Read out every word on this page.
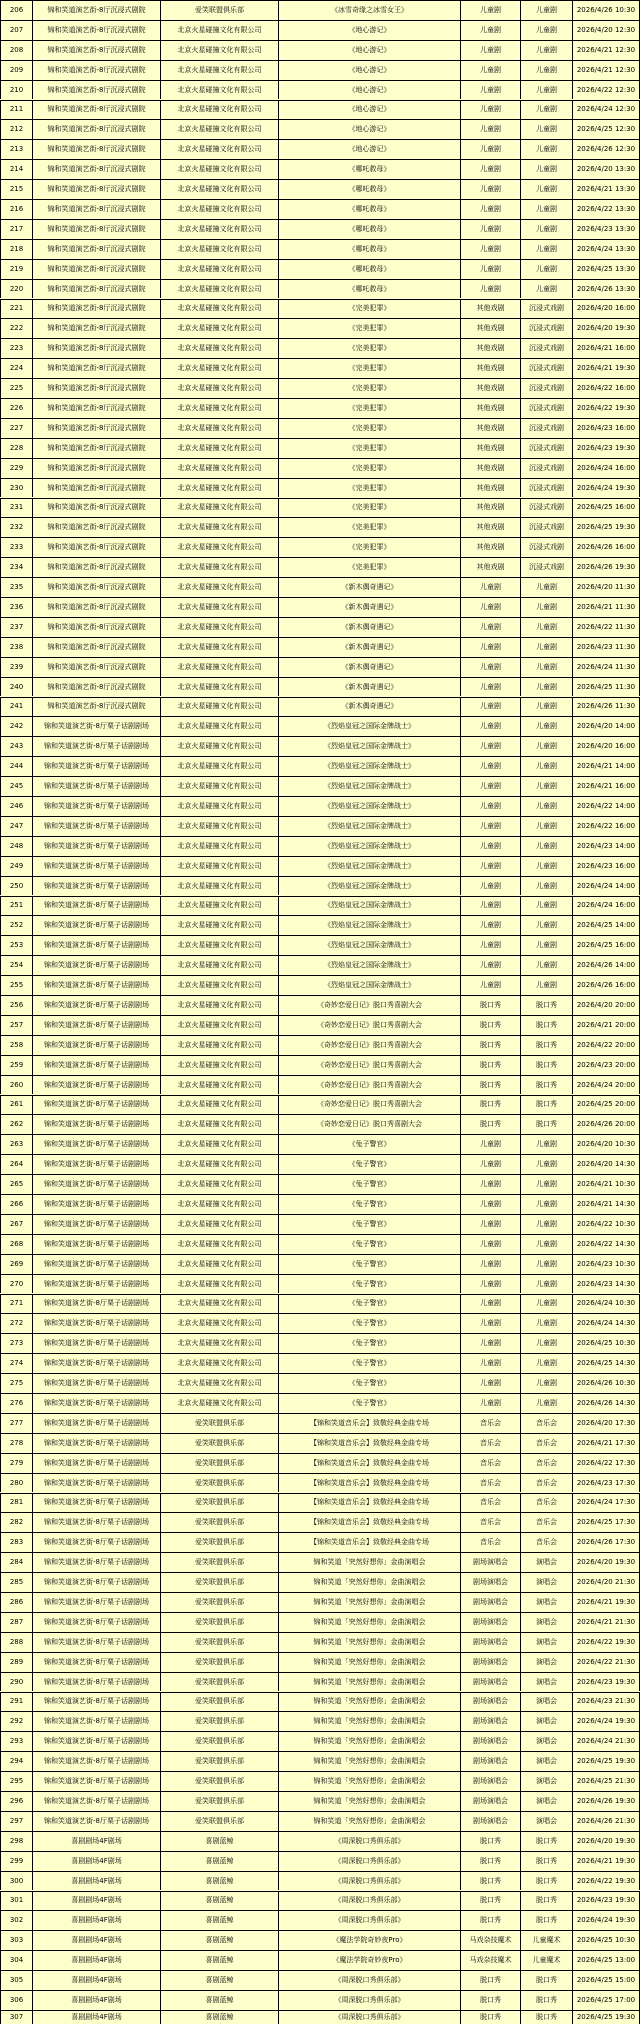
206	锦和笑道演艺街-8厅沉浸式剧院	爱笑联盟俱乐部	《冰雪奇缘之冰雪女王》	儿童剧	儿童剧	2026/4/26 10:30
207	锦和笑道演艺街-8厅沉浸式剧院	北京火星碰撞文化有限公司	《地心游记》	儿童剧	儿童剧	2026/4/20 12:30
208	锦和笑道演艺街-8厅沉浸式剧院	北京火星碰撞文化有限公司	《地心游记》	儿童剧	儿童剧	2026/4/21 12:30
209	锦和笑道演艺街-8厅沉浸式剧院	北京火星碰撞文化有限公司	《地心游记》	儿童剧	儿童剧	2026/4/21 12:30
210	锦和笑道演艺街-8厅沉浸式剧院	北京火星碰撞文化有限公司	《地心游记》	儿童剧	儿童剧	2026/4/22 12:30
211	锦和笑道演艺街-8厅沉浸式剧院	北京火星碰撞文化有限公司	《地心游记》	儿童剧	儿童剧	2026/4/24 12:30
212	锦和笑道演艺街-8厅沉浸式剧院	北京火星碰撞文化有限公司	《地心游记》	儿童剧	儿童剧	2026/4/25 12:30
213	锦和笑道演艺街-8厅沉浸式剧院	北京火星碰撞文化有限公司	《地心游记》	儿童剧	儿童剧	2026/4/26 12:30
214	锦和笑道演艺街-8厅沉浸式剧院	北京火星碰撞文化有限公司	《哪吒救母》	儿童剧	儿童剧	2026/4/20 13:30
215	锦和笑道演艺街-8厅沉浸式剧院	北京火星碰撞文化有限公司	《哪吒救母》	儿童剧	儿童剧	2026/4/21 13:30
216	锦和笑道演艺街-8厅沉浸式剧院	北京火星碰撞文化有限公司	《哪吒救母》	儿童剧	儿童剧	2026/4/22 13:30
217	锦和笑道演艺街-8厅沉浸式剧院	北京火星碰撞文化有限公司	《哪吒救母》	儿童剧	儿童剧	2026/4/23 13:30
218	锦和笑道演艺街-8厅沉浸式剧院	北京火星碰撞文化有限公司	《哪吒救母》	儿童剧	儿童剧	2026/4/24 13:30
219	锦和笑道演艺街-8厅沉浸式剧院	北京火星碰撞文化有限公司	《哪吒救母》	儿童剧	儿童剧	2026/4/25 13:30
220	锦和笑道演艺街-8厅沉浸式剧院	北京火星碰撞文化有限公司	《哪吒救母》	儿童剧	儿童剧	2026/4/26 13:30
221	锦和笑道演艺街-8厅沉浸式剧院	北京火星碰撞文化有限公司	《完美犯罪》	其他戏剧	沉浸式戏剧	2026/4/20 16:00
222	锦和笑道演艺街-8厅沉浸式剧院	北京火星碰撞文化有限公司	《完美犯罪》	其他戏剧	沉浸式戏剧	2026/4/20 19:30
223	锦和笑道演艺街-8厅沉浸式剧院	北京火星碰撞文化有限公司	《完美犯罪》	其他戏剧	沉浸式戏剧	2026/4/21 16:00
224	锦和笑道演艺街-8厅沉浸式剧院	北京火星碰撞文化有限公司	《完美犯罪》	其他戏剧	沉浸式戏剧	2026/4/21 19:30
225	锦和笑道演艺街-8厅沉浸式剧院	北京火星碰撞文化有限公司	《完美犯罪》	其他戏剧	沉浸式戏剧	2026/4/22 16:00
226	锦和笑道演艺街-8厅沉浸式剧院	北京火星碰撞文化有限公司	《完美犯罪》	其他戏剧	沉浸式戏剧	2026/4/22 19:30
227	锦和笑道演艺街-8厅沉浸式剧院	北京火星碰撞文化有限公司	《完美犯罪》	其他戏剧	沉浸式戏剧	2026/4/23 16:00
228	锦和笑道演艺街-8厅沉浸式剧院	北京火星碰撞文化有限公司	《完美犯罪》	其他戏剧	沉浸式戏剧	2026/4/23 19:30
229	锦和笑道演艺街-8厅沉浸式剧院	北京火星碰撞文化有限公司	《完美犯罪》	其他戏剧	沉浸式戏剧	2026/4/24 16:00
230	锦和笑道演艺街-8厅沉浸式剧院	北京火星碰撞文化有限公司	《完美犯罪》	其他戏剧	沉浸式戏剧	2026/4/24 19:30
231	锦和笑道演艺街-8厅沉浸式剧院	北京火星碰撞文化有限公司	《完美犯罪》	其他戏剧	沉浸式戏剧	2026/4/25 16:00
232	锦和笑道演艺街-8厅沉浸式剧院	北京火星碰撞文化有限公司	《完美犯罪》	其他戏剧	沉浸式戏剧	2026/4/25 19:30
233	锦和笑道演艺街-8厅沉浸式剧院	北京火星碰撞文化有限公司	《完美犯罪》	其他戏剧	沉浸式戏剧	2026/4/26 16:00
234	锦和笑道演艺街-8厅沉浸式剧院	北京火星碰撞文化有限公司	《完美犯罪》	其他戏剧	沉浸式戏剧	2026/4/26 19:30
235	锦和笑道演艺街-8厅沉浸式剧院	北京火星碰撞文化有限公司	《新木偶奇遇记》	儿童剧	儿童剧	2026/4/20 11:30
236	锦和笑道演艺街-8厅沉浸式剧院	北京火星碰撞文化有限公司	《新木偶奇遇记》	儿童剧	儿童剧	2026/4/21 11:30
237	锦和笑道演艺街-8厅沉浸式剧院	北京火星碰撞文化有限公司	《新木偶奇遇记》	儿童剧	儿童剧	2026/4/22 11:30
238	锦和笑道演艺街-8厅沉浸式剧院	北京火星碰撞文化有限公司	《新木偶奇遇记》	儿童剧	儿童剧	2026/4/23 11:30
239	锦和笑道演艺街-8厅沉浸式剧院	北京火星碰撞文化有限公司	《新木偶奇遇记》	儿童剧	儿童剧	2026/4/24 11:30
240	锦和笑道演艺街-8厅沉浸式剧院	北京火星碰撞文化有限公司	《新木偶奇遇记》	儿童剧	儿童剧	2026/4/25 11:30
241	锦和笑道演艺街-8厅沉浸式剧院	北京火星碰撞文化有限公司	《新木偶奇遇记》	儿童剧	儿童剧	2026/4/26 11:30
242	锦和笑道演艺街-8厅栗子话剧剧场	北京火星碰撞文化有限公司	《烈焰皇冠之国际金牌战士》	儿童剧	儿童剧	2026/4/20 14:00
243	锦和笑道演艺街-8厅栗子话剧剧场	北京火星碰撞文化有限公司	《烈焰皇冠之国际金牌战士》	儿童剧	儿童剧	2026/4/20 16:00
244	锦和笑道演艺街-8厅栗子话剧剧场	北京火星碰撞文化有限公司	《烈焰皇冠之国际金牌战士》	儿童剧	儿童剧	2026/4/21 14:00
245	锦和笑道演艺街-8厅栗子话剧剧场	北京火星碰撞文化有限公司	《烈焰皇冠之国际金牌战士》	儿童剧	儿童剧	2026/4/21 16:00
246	锦和笑道演艺街-8厅栗子话剧剧场	北京火星碰撞文化有限公司	《烈焰皇冠之国际金牌战士》	儿童剧	儿童剧	2026/4/22 14:00
247	锦和笑道演艺街-8厅栗子话剧剧场	北京火星碰撞文化有限公司	《烈焰皇冠之国际金牌战士》	儿童剧	儿童剧	2026/4/22 16:00
248	锦和笑道演艺街-8厅栗子话剧剧场	北京火星碰撞文化有限公司	《烈焰皇冠之国际金牌战士》	儿童剧	儿童剧	2026/4/23 14:00
249	锦和笑道演艺街-8厅栗子话剧剧场	北京火星碰撞文化有限公司	《烈焰皇冠之国际金牌战士》	儿童剧	儿童剧	2026/4/23 16:00
250	锦和笑道演艺街-8厅栗子话剧剧场	北京火星碰撞文化有限公司	《烈焰皇冠之国际金牌战士》	儿童剧	儿童剧	2026/4/24 14:00
251	锦和笑道演艺街-8厅栗子话剧剧场	北京火星碰撞文化有限公司	《烈焰皇冠之国际金牌战士》	儿童剧	儿童剧	2026/4/24 16:00
252	锦和笑道演艺街-8厅栗子话剧剧场	北京火星碰撞文化有限公司	《烈焰皇冠之国际金牌战士》	儿童剧	儿童剧	2026/4/25 14:00
253	锦和笑道演艺街-8厅栗子话剧剧场	北京火星碰撞文化有限公司	《烈焰皇冠之国际金牌战士》	儿童剧	儿童剧	2026/4/25 16:00
254	锦和笑道演艺街-8厅栗子话剧剧场	北京火星碰撞文化有限公司	《烈焰皇冠之国际金牌战士》	儿童剧	儿童剧	2026/4/26 14:00
255	锦和笑道演艺街-8厅栗子话剧剧场	北京火星碰撞文化有限公司	《烈焰皇冠之国际金牌战士》	儿童剧	儿童剧	2026/4/26 16:00
256	锦和笑道演艺街-8厅栗子话剧剧场	北京火星碰撞文化有限公司	《奇妙恋爱日记》脱口秀喜剧大会	脱口秀	脱口秀	2026/4/20 20:00
257	锦和笑道演艺街-8厅栗子话剧剧场	北京火星碰撞文化有限公司	《奇妙恋爱日记》脱口秀喜剧大会	脱口秀	脱口秀	2026/4/21 20:00
258	锦和笑道演艺街-8厅栗子话剧剧场	北京火星碰撞文化有限公司	《奇妙恋爱日记》脱口秀喜剧大会	脱口秀	脱口秀	2026/4/22 20:00
259	锦和笑道演艺街-8厅栗子话剧剧场	北京火星碰撞文化有限公司	《奇妙恋爱日记》脱口秀喜剧大会	脱口秀	脱口秀	2026/4/23 20:00
260	锦和笑道演艺街-8厅栗子话剧剧场	北京火星碰撞文化有限公司	《奇妙恋爱日记》脱口秀喜剧大会	脱口秀	脱口秀	2026/4/24 20:00
261	锦和笑道演艺街-8厅栗子话剧剧场	北京火星碰撞文化有限公司	《奇妙恋爱日记》脱口秀喜剧大会	脱口秀	脱口秀	2026/4/25 20:00
262	锦和笑道演艺街-8厅栗子话剧剧场	北京火星碰撞文化有限公司	《奇妙恋爱日记》脱口秀喜剧大会	脱口秀	脱口秀	2026/4/26 20:00
263	锦和笑道演艺街-8厅栗子话剧剧场	北京火星碰撞文化有限公司	《兔子警官》	儿童剧	儿童剧	2026/4/20 10:30
264	锦和笑道演艺街-8厅栗子话剧剧场	北京火星碰撞文化有限公司	《兔子警官》	儿童剧	儿童剧	2026/4/20 14:30
265	锦和笑道演艺街-8厅栗子话剧剧场	北京火星碰撞文化有限公司	《兔子警官》	儿童剧	儿童剧	2026/4/21 10:30
266	锦和笑道演艺街-8厅栗子话剧剧场	北京火星碰撞文化有限公司	《兔子警官》	儿童剧	儿童剧	2026/4/21 14:30
267	锦和笑道演艺街-8厅栗子话剧剧场	北京火星碰撞文化有限公司	《兔子警官》	儿童剧	儿童剧	2026/4/22 10:30
268	锦和笑道演艺街-8厅栗子话剧剧场	北京火星碰撞文化有限公司	《兔子警官》	儿童剧	儿童剧	2026/4/22 14:30
269	锦和笑道演艺街-8厅栗子话剧剧场	北京火星碰撞文化有限公司	《兔子警官》	儿童剧	儿童剧	2026/4/23 10:30
270	锦和笑道演艺街-8厅栗子话剧剧场	北京火星碰撞文化有限公司	《兔子警官》	儿童剧	儿童剧	2026/4/23 14:30
271	锦和笑道演艺街-8厅栗子话剧剧场	北京火星碰撞文化有限公司	《兔子警官》	儿童剧	儿童剧	2026/4/24 10:30
272	锦和笑道演艺街-8厅栗子话剧剧场	北京火星碰撞文化有限公司	《兔子警官》	儿童剧	儿童剧	2026/4/24 14:30
273	锦和笑道演艺街-8厅栗子话剧剧场	北京火星碰撞文化有限公司	《兔子警官》	儿童剧	儿童剧	2026/4/25 10:30
274	锦和笑道演艺街-8厅栗子话剧剧场	北京火星碰撞文化有限公司	《兔子警官》	儿童剧	儿童剧	2026/4/25 14:30
275	锦和笑道演艺街-8厅栗子话剧剧场	北京火星碰撞文化有限公司	《兔子警官》	儿童剧	儿童剧	2026/4/26 10:30
276	锦和笑道演艺街-8厅栗子话剧剧场	北京火星碰撞文化有限公司	《兔子警官》	儿童剧	儿童剧	2026/4/26 14:30
277	锦和笑道演艺街-8厅栗子话剧剧场	爱笑联盟俱乐部	【锦和笑道音乐会】致敬经典金曲专场	音乐会	音乐会	2026/4/20 17:30
278	锦和笑道演艺街-8厅栗子话剧剧场	爱笑联盟俱乐部	【锦和笑道音乐会】致敬经典金曲专场	音乐会	音乐会	2026/4/21 17:30
279	锦和笑道演艺街-8厅栗子话剧剧场	爱笑联盟俱乐部	【锦和笑道音乐会】致敬经典金曲专场	音乐会	音乐会	2026/4/22 17:30
280	锦和笑道演艺街-8厅栗子话剧剧场	爱笑联盟俱乐部	【锦和笑道音乐会】致敬经典金曲专场	音乐会	音乐会	2026/4/23 17:30
281	锦和笑道演艺街-8厅栗子话剧剧场	爱笑联盟俱乐部	【锦和笑道音乐会】致敬经典金曲专场	音乐会	音乐会	2026/4/24 17:30
282	锦和笑道演艺街-8厅栗子话剧剧场	爱笑联盟俱乐部	【锦和笑道音乐会】致敬经典金曲专场	音乐会	音乐会	2026/4/25 17:30
283	锦和笑道演艺街-8厅栗子话剧剧场	爱笑联盟俱乐部	【锦和笑道音乐会】致敬经典金曲专场	音乐会	音乐会	2026/4/26 17:30
284	锦和笑道演艺街-8厅栗子话剧剧场	爱笑联盟俱乐部	锦和笑道「突然好想你」金曲演唱会	剧场演唱会	演唱会	2026/4/20 19:30
285	锦和笑道演艺街-8厅栗子话剧剧场	爱笑联盟俱乐部	锦和笑道「突然好想你」金曲演唱会	剧场演唱会	演唱会	2026/4/20 21:30
286	锦和笑道演艺街-8厅栗子话剧剧场	爱笑联盟俱乐部	锦和笑道「突然好想你」金曲演唱会	剧场演唱会	演唱会	2026/4/21 19:30
287	锦和笑道演艺街-8厅栗子话剧剧场	爱笑联盟俱乐部	锦和笑道「突然好想你」金曲演唱会	剧场演唱会	演唱会	2026/4/21 21:30
288	锦和笑道演艺街-8厅栗子话剧剧场	爱笑联盟俱乐部	锦和笑道「突然好想你」金曲演唱会	剧场演唱会	演唱会	2026/4/22 19:30
289	锦和笑道演艺街-8厅栗子话剧剧场	爱笑联盟俱乐部	锦和笑道「突然好想你」金曲演唱会	剧场演唱会	演唱会	2026/4/22 21:30
290	锦和笑道演艺街-8厅栗子话剧剧场	爱笑联盟俱乐部	锦和笑道「突然好想你」金曲演唱会	剧场演唱会	演唱会	2026/4/23 19:30
291	锦和笑道演艺街-8厅栗子话剧剧场	爱笑联盟俱乐部	锦和笑道「突然好想你」金曲演唱会	剧场演唱会	演唱会	2026/4/23 21:30
292	锦和笑道演艺街-8厅栗子话剧剧场	爱笑联盟俱乐部	锦和笑道「突然好想你」金曲演唱会	剧场演唱会	演唱会	2026/4/24 19:30
293	锦和笑道演艺街-8厅栗子话剧剧场	爱笑联盟俱乐部	锦和笑道「突然好想你」金曲演唱会	剧场演唱会	演唱会	2026/4/24 21:30
294	锦和笑道演艺街-8厅栗子话剧剧场	爱笑联盟俱乐部	锦和笑道「突然好想你」金曲演唱会	剧场演唱会	演唱会	2026/4/25 19:30
295	锦和笑道演艺街-8厅栗子话剧剧场	爱笑联盟俱乐部	锦和笑道「突然好想你」金曲演唱会	剧场演唱会	演唱会	2026/4/25 21:30
296	锦和笑道演艺街-8厅栗子话剧剧场	爱笑联盟俱乐部	锦和笑道「突然好想你」金曲演唱会	剧场演唱会	演唱会	2026/4/26 19:30
297	锦和笑道演艺街-8厅栗子话剧剧场	爱笑联盟俱乐部	锦和笑道「突然好想你」金曲演唱会	剧场演唱会	演唱会	2026/4/26 21:30
298	喜剧剧场4F剧场	喜剧蓝鲸	《周深脱口秀俱乐部》	脱口秀	脱口秀	2026/4/20 19:30
299	喜剧剧场4F剧场	喜剧蓝鲸	《周深脱口秀俱乐部》	脱口秀	脱口秀	2026/4/21 19:30
300	喜剧剧场4F剧场	喜剧蓝鲸	《周深脱口秀俱乐部》	脱口秀	脱口秀	2026/4/22 19:30
301	喜剧剧场4F剧场	喜剧蓝鲸	《周深脱口秀俱乐部》	脱口秀	脱口秀	2026/4/23 19:30
302	喜剧剧场4F剧场	喜剧蓝鲸	《周深脱口秀俱乐部》	脱口秀	脱口秀	2026/4/24 19:30
303	喜剧剧场4F剧场	喜剧蓝鲸	《魔法学院奇妙夜Pro》	马戏杂技魔术	儿童魔术	2026/4/25 10:30
304	喜剧剧场4F剧场	喜剧蓝鲸	《魔法学院奇妙夜Pro》	马戏杂技魔术	儿童魔术	2026/4/25 13:00
305	喜剧剧场4F剧场	喜剧蓝鲸	《周深脱口秀俱乐部》	脱口秀	脱口秀	2026/4/25 15:00
306	喜剧剧场4F剧场	喜剧蓝鲸	《周深脱口秀俱乐部》	脱口秀	脱口秀	2026/4/25 17:00
307	喜剧剧场4F剧场	喜剧蓝鲸	《周深脱口秀俱乐部》	脱口秀	脱口秀	2026/4/25 19:30
